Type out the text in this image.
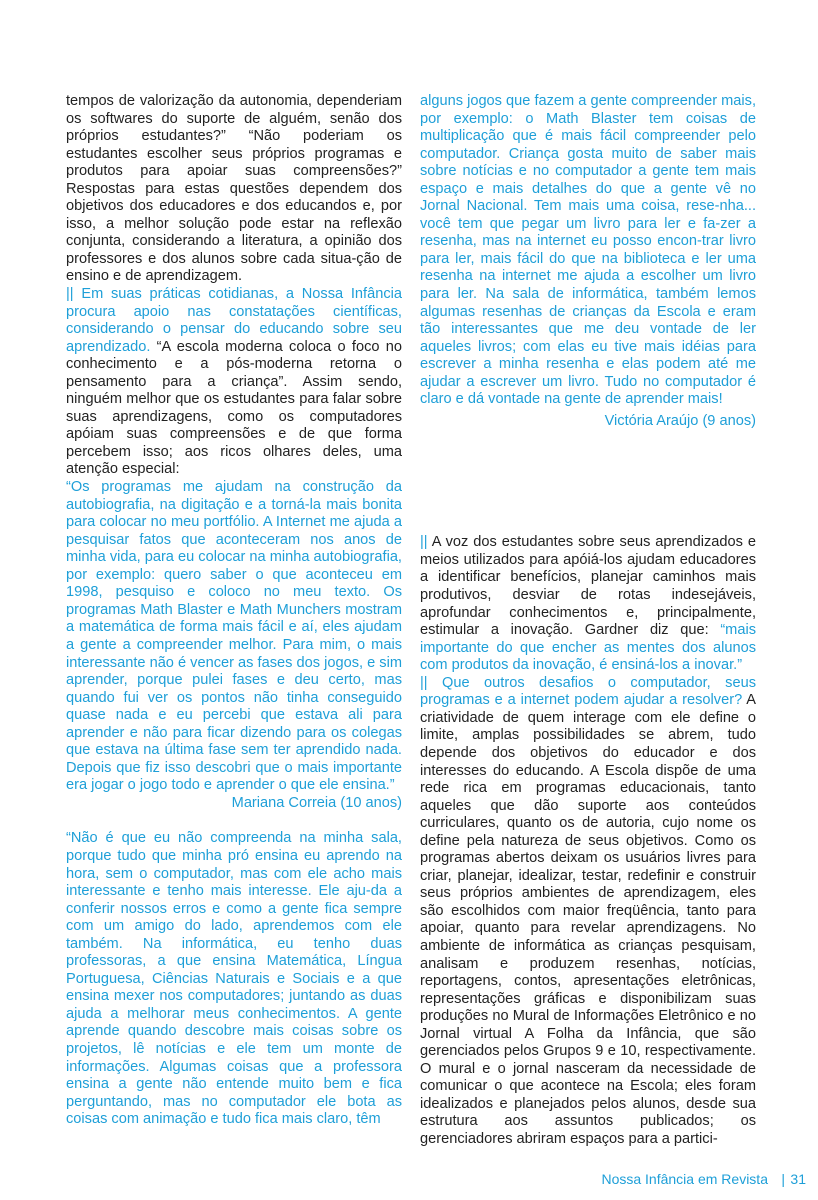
tempos de valorização da autonomia, dependeriam os softwares do suporte de alguém, senão dos próprios estudantes?” “Não poderiam os estudantes escolher seus próprios programas e produtos para apoiar suas compreensões?” Respostas para estas questões dependem dos objetivos dos educadores e dos educandos e, por isso, a melhor solução pode estar na reflexão conjunta, considerando a literatura, a opinião dos professores e dos alunos sobre cada situa-ção de ensino e de aprendizagem.

|| Em suas práticas cotidianas, a Nossa Infância procura apoio nas constatações científicas, considerando o pensar do educando sobre seu aprendizado. “A escola moderna coloca o foco no conhecimento e a pós-moderna retorna o pensamento para a criança”. Assim sendo, ninguém melhor que os estudantes para falar sobre suas aprendizagens, como os computadores apóiam suas compreensões e de que forma percebem isso; aos ricos olhares deles, uma atenção especial:

“Os programas me ajudam na construção da autobiografia, na digitação e a torná-la mais bonita para colocar no meu portfólio. A Internet me ajuda a pesquisar fatos que aconteceram nos anos de minha vida, para eu colocar na minha autobiografia, por exemplo: quero saber o que aconteceu em 1998, pesquiso e coloco no meu texto. Os programas Math Blaster e Math Munchers mostram a matemática de forma mais fácil e aí, eles ajudam a gente a compreender melhor. Para mim, o mais interessante não é vencer as fases dos jogos, e sim aprender, porque pulei fases e deu certo, mas quando fui ver os pontos não tinha conseguido quase nada e eu percebi que estava ali para aprender e não para ficar dizendo para os colegas que estava na última fase sem ter aprendido nada. Depois que fiz isso descobri que o mais importante era jogar o jogo todo e aprender o que ele ensina.”

Mariana Correia (10 anos)

“Não é que eu não compreenda na minha sala, porque tudo que minha pró ensina eu aprendo na hora, sem o computador, mas com ele acho mais interessante e tenho mais interesse. Ele aju-da a conferir nossos erros e como a gente fica sempre com um amigo do lado, aprendemos com ele também. Na informática, eu tenho duas professoras, a que ensina Matemática, Língua Portuguesa, Ciências Naturais e Sociais e a que ensina mexer nos computadores; juntando as duas ajuda a melhorar meus conhecimentos. A gente aprende quando descobre mais coisas sobre os projetos, lê notícias e ele tem um monte de informações. Algumas coisas que a professora ensina a gente não entende muito bem e fica perguntando, mas no computador ele bota as coisas com animação e tudo fica mais claro, têm

alguns jogos que fazem a gente compreender mais, por exemplo: o Math Blaster tem coisas de multiplicação que é mais fácil compreender pelo computador. Criança gosta muito de saber mais sobre notícias e no computador a gente tem mais espaço e mais detalhes do que a gente vê no Jornal Nacional. Tem mais uma coisa, rese-nha... você tem que pegar um livro para ler e fa-zer a resenha, mas na internet eu posso encon-trar livro para ler, mais fácil do que na biblioteca e ler uma resenha na internet me ajuda a escolher um livro para ler. Na sala de informática, também lemos algumas resenhas de crianças da Escola e eram tão interessantes que me deu vontade de ler aqueles livros; com elas eu tive mais idéias para escrever a minha resenha e elas podem até me ajudar a escrever um livro. Tudo no computador é claro e dá vontade na gente de aprender mais!

Victória Araújo (9 anos)

|| A voz dos estudantes sobre seus aprendizados e meios utilizados para apóiá-los ajudam educadores a identificar benefícios, planejar caminhos mais produtivos, desviar de rotas indesejáveis, aprofundar conhecimentos e, principalmente, estimular a inovação. Gardner diz que: “mais importante do que encher as mentes dos alunos com produtos da inovação, é ensiná-los a inovar.”

|| Que outros desafios o computador, seus programas e a internet podem ajudar a resolver? A criatividade de quem interage com ele define o limite, amplas possibilidades se abrem, tudo depende dos objetivos do educador e dos interesses do educando. A Escola dispõe de uma rede rica em programas educacionais, tanto aqueles que dão suporte aos conteúdos curriculares, quanto os de autoria, cujo nome os define pela natureza de seus objetivos. Como os programas abertos deixam os usuários livres para criar, planejar, idealizar, testar, redefinir e construir seus próprios ambientes de aprendizagem, eles são escolhidos com maior freqüência, tanto para apoiar, quanto para revelar aprendizagens. No ambiente de informática as crianças pesquisam, analisam e produzem resenhas, notícias, reportagens, contos, apresentações eletrônicas, representações gráficas e disponibilizam suas produções no Mural de Informações Eletrônico e no Jornal virtual A Folha da Infância, que são gerenciados pelos Grupos 9 e 10, respectivamente. O mural e o jornal nasceram da necessidade de comunicar o que acontece na Escola; eles foram idealizados e planejados pelos alunos, desde sua estrutura aos assuntos publicados; os gerenciadores abriram espaços para a partici-

Nossa Infância em Revista | 31
